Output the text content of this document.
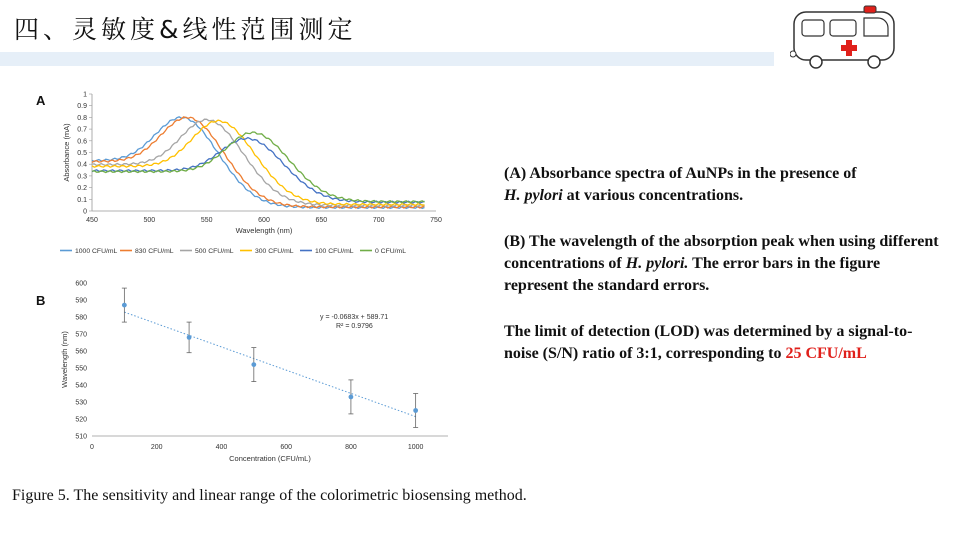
四、灵敏度&线性范围测定
A
B
0
0.1
0.2
0.3
0.4
0.5
0.6
0.7
0.8
0.9
1
450	500	550	600	650	700	750
Wavelength (nm)
Absorbance (mA)
1000 CFU/mL	830 CFU/mL	500 CFU/mL	300 CFU/mL	100 CFU/mL	0 CFU/mL
510
520
530
540
550
560
570
580
590
600
0	200	400	600	800	1000
Concentration (CFU/mL)
Wavelength (nm)
y = -0.0683x + 589.71
R² = 0.9796
(A) Absorbance spectra of AuNPs in the presence of
H. pylori at various concentrations.
(B) The wavelength of the absorption peak when using different concentrations of H. pylori. The error bars in the figure represent the standard errors.
The limit of detection (LOD) was determined by a signal-to-noise (S/N) ratio of 3:1, corresponding to 25 CFU/mL
Figure 5. The sensitivity and linear range of the colorimetric biosensing method.
